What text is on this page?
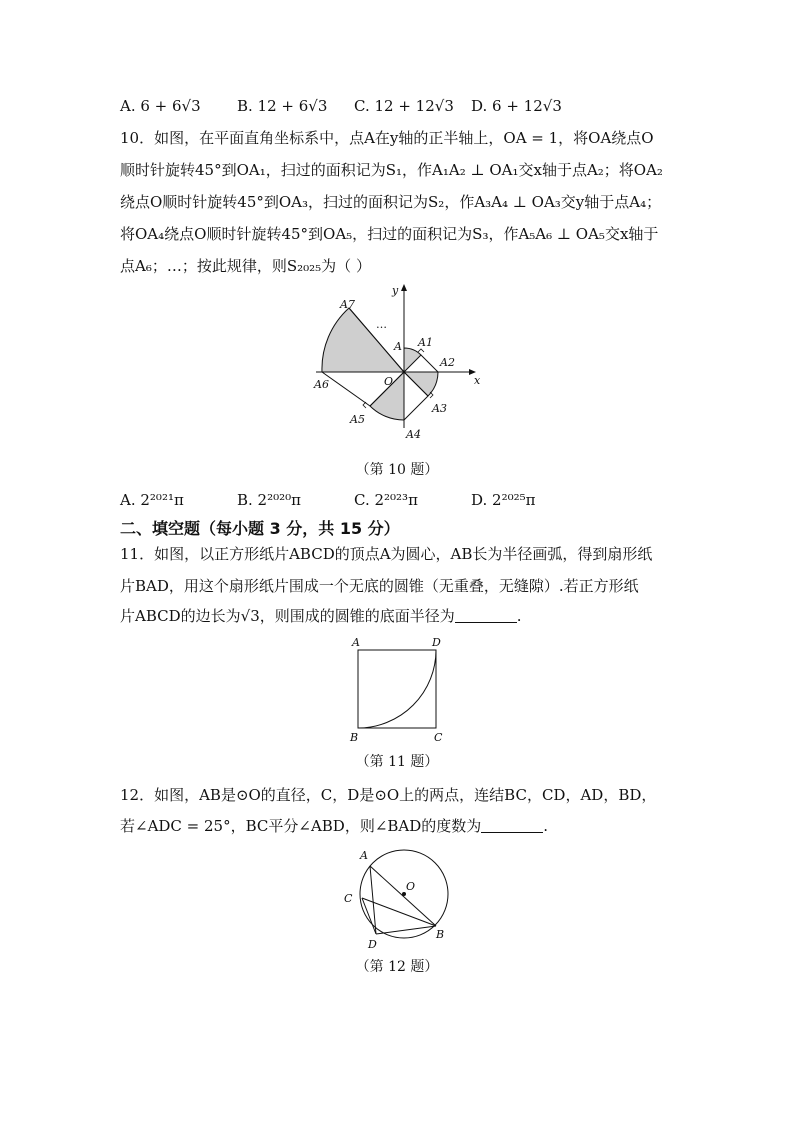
A. 6 + 6√3 B. 12 + 6√3 C. 12 + 12√3 D. 6 + 12√3
10．如图，在平面直角坐标系中，点A在y轴的正半轴上，OA = 1，将OA绕点O
顺时针旋转45°到OA₁，扫过的面积记为S₁，作A₁A₂ ⊥ OA₁交x轴于点A₂；将OA₂
绕点O顺时针旋转45°到OA₃，扫过的面积记为S₂，作A₃A₄ ⊥ OA₃交y轴于点A₄；
将OA₄绕点O顺时针旋转45°到OA₅，扫过的面积记为S₃，作A₅A₆ ⊥ OA₅交x轴于
点A₆；…；按此规律，则S₂₀₂₅为（ ）
A7
…
A A1
A2
A3
A4
A5
A6	O	x
y
（第 10 题）
A. 2²⁰²¹π	B. 2²⁰²⁰π	C. 2²⁰²³π	D. 2²⁰²⁵π
二、填空题（每小题 3 分，共 15 分）
11．如图，以正方形纸片ABCD的顶点A为圆心，AB长为半径画弧，得到扇形纸
片BAD，用这个扇形纸片围成一个无底的圆锥（无重叠，无缝隙）.若正方形纸
片ABCD的边长为√3，则围成的圆锥的底面半径为	.
A	D
B	C
（第 11 题）
12．如图，AB是⊙O的直径，C，D是⊙O上的两点，连结BC，CD，AD，BD，
若∠ADC = 25°，BC平分∠ABD，则∠BAD的度数为	.
A
O
C
D
B
（第 12 题）
